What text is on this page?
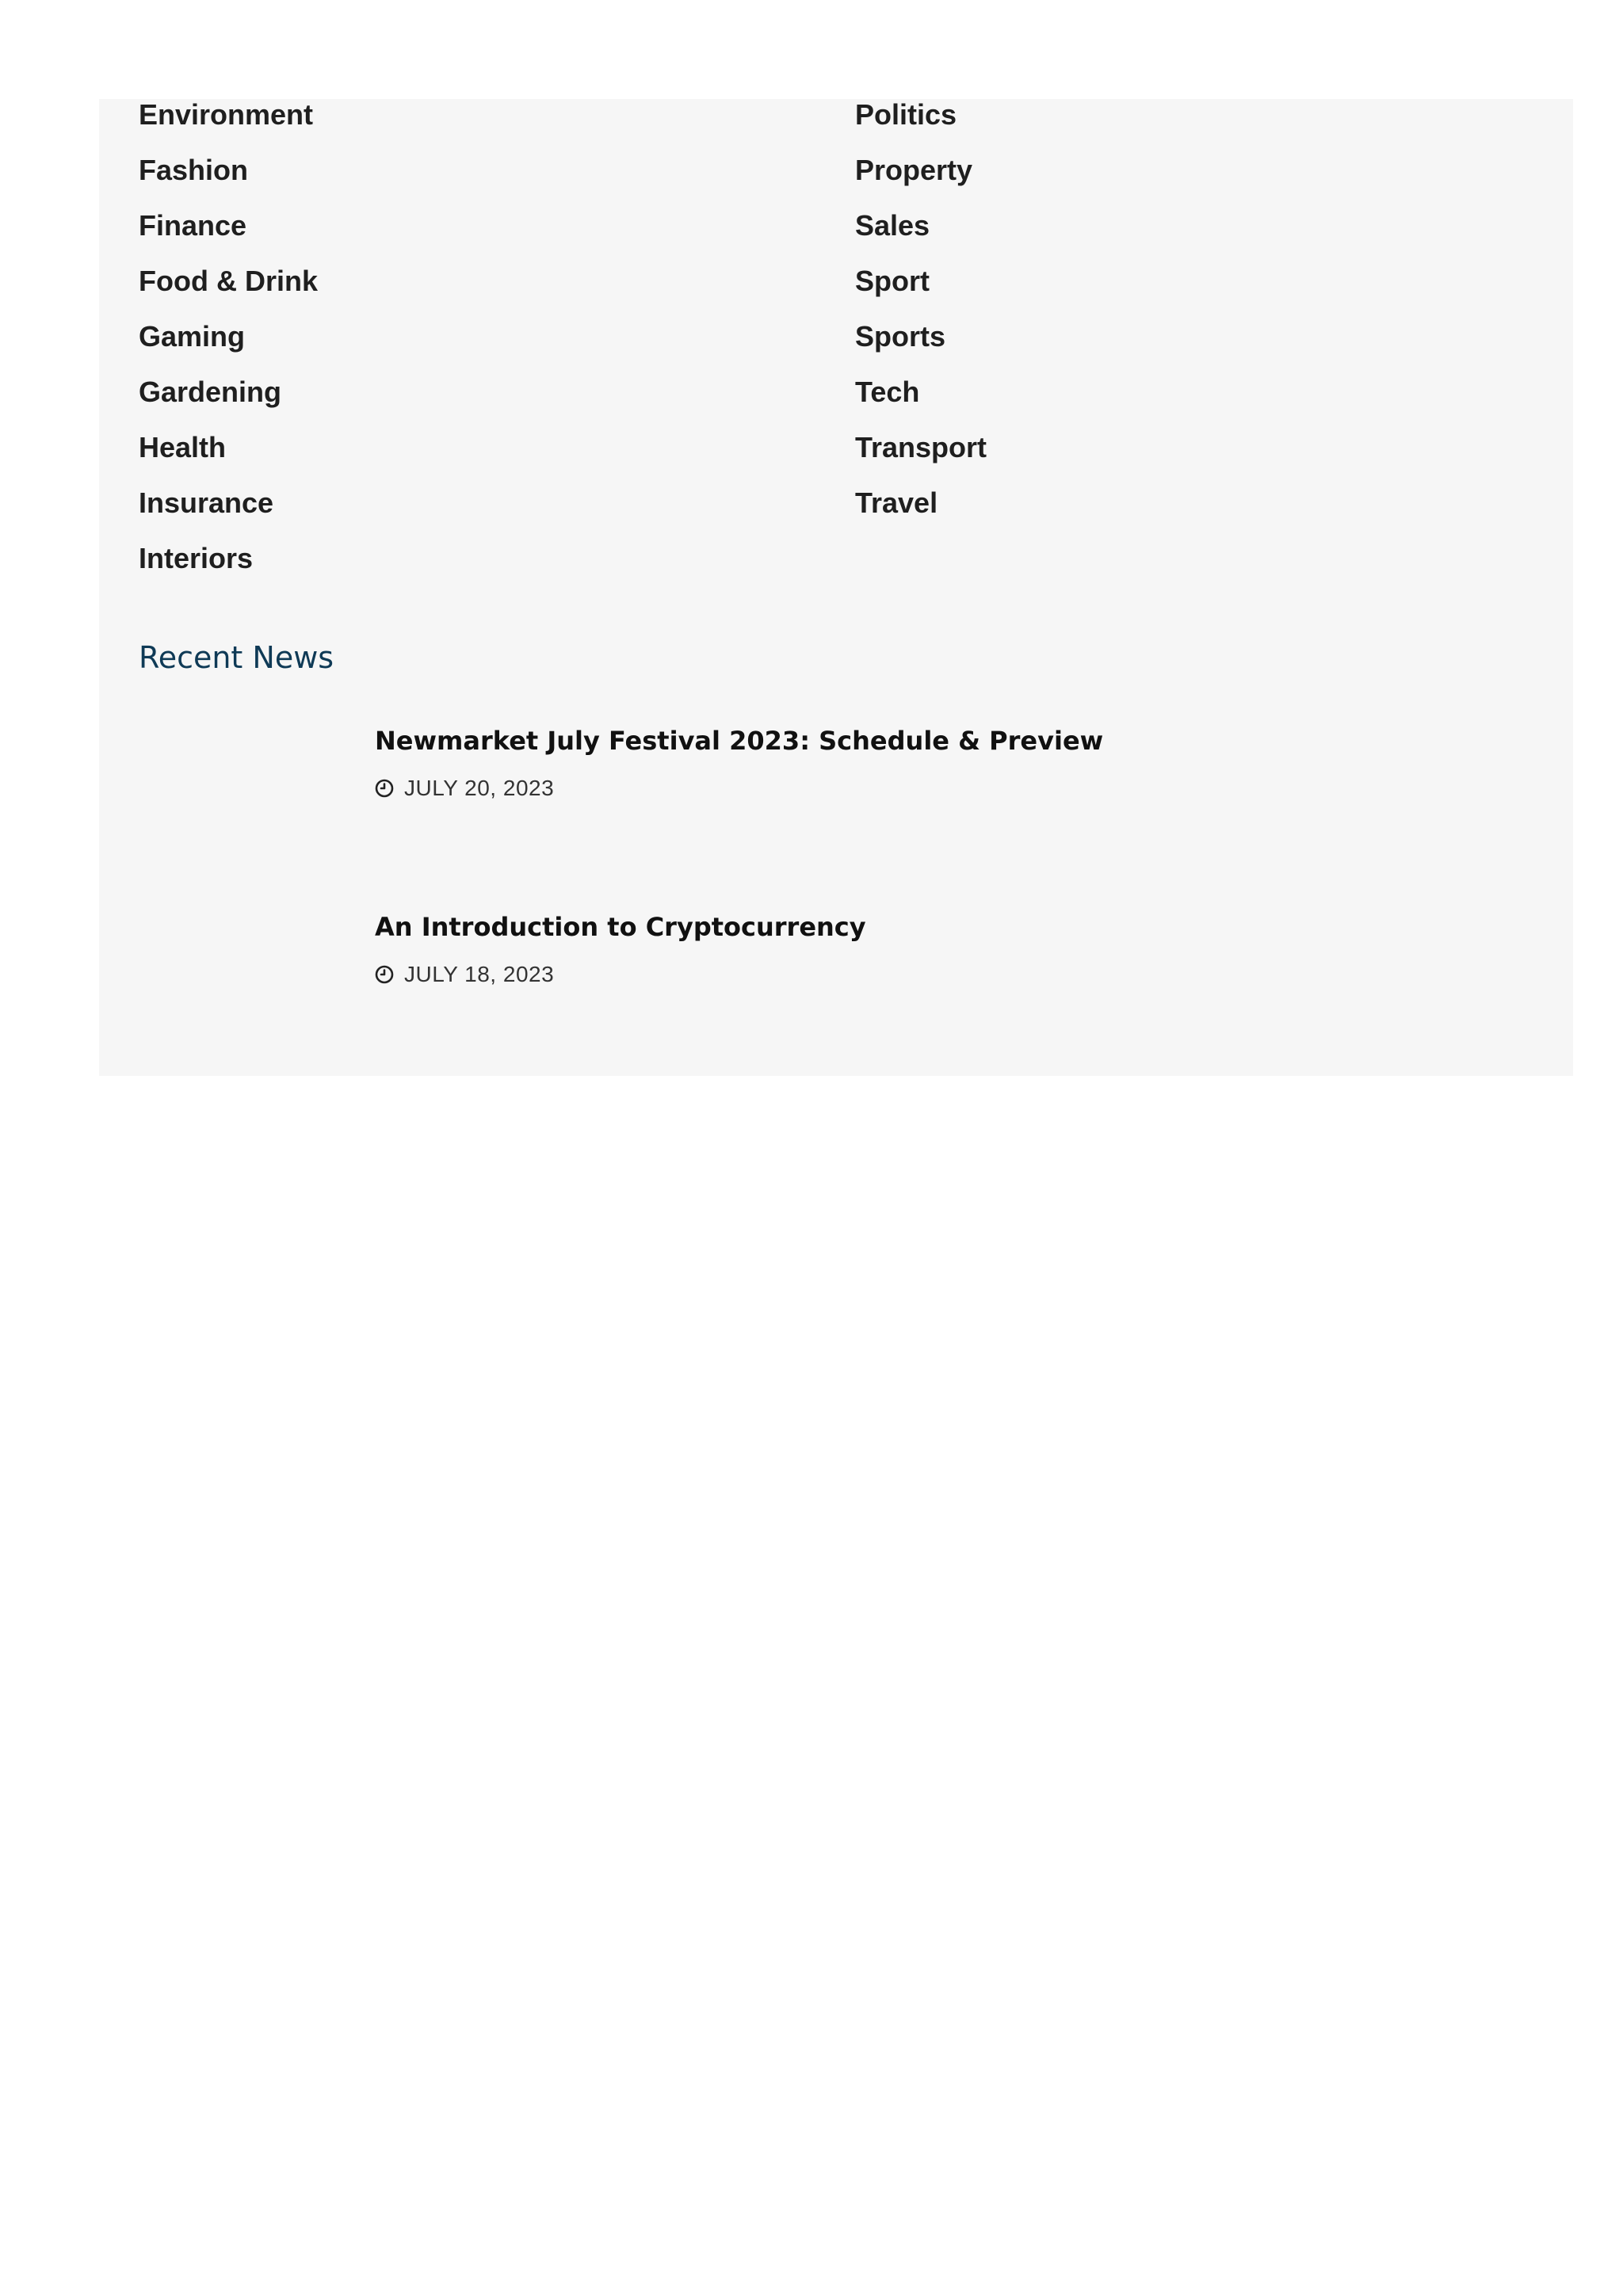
Environment
Fashion
Finance
Food & Drink
Gaming
Gardening
Health
Insurance
Interiors
Politics
Property
Sales
Sport
Sports
Tech
Transport
Travel
Recent News
Newmarket July Festival 2023: Schedule & Preview
JULY 20, 2023
An Introduction to Cryptocurrency
JULY 18, 2023
